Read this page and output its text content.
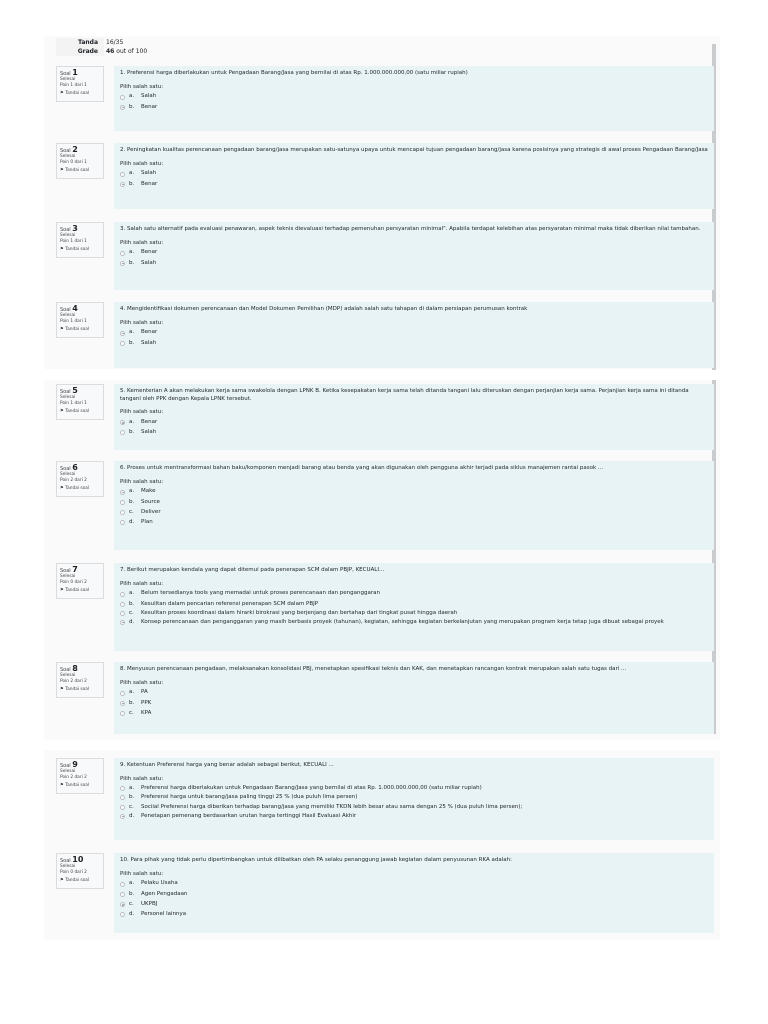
Tanda	16/35
Grade	46 out of 100
Soal 1
Selesai
Poin 1 dari 1
⚑ Tandai soal
1. Preferensi harga diberlakukan untuk Pengadaan Barang/Jasa yang bernilai di atas Rp. 1.000.000.000,00 (satu miliar rupiah)
Pilih salah satu:
a.	Salah
b.	Benar
Soal 2
Selesai
Poin 0 dari 1
⚑ Tandai soal
2. Peningkatan kualitas perencanaan pengadaan barang/jasa merupakan satu-satunya upaya untuk mencapai tujuan pengadaan barang/jasa karena posisinya yang strategis di awal proses Pengadaan Barang/Jasa
Pilih salah satu:
a.	Salah
b.	Benar
Soal 3
Selesai
Poin 1 dari 1
⚑ Tandai soal
3. Salah satu alternatif pada evaluasi penawaran, aspek teknis dievaluasi terhadap pemenuhan persyaratan minimal". Apabila terdapat kelebihan atas persyaratan minimal maka tidak diberikan nilai tambahan.
Pilih salah satu:
a.	Benar
b.	Salah
Soal 4
Selesai
Poin 1 dari 1
⚑ Tandai soal
4. Mengidentifikasi dokumen perencanaan dan Model Dokumen Pemilihan (MDP) adalah salah satu tahapan di dalam persiapan perumusan kontrak
Pilih salah satu:
a.	Benar
b.	Salah
Soal 5
Selesai
Poin 1 dari 1
⚑ Tandai soal
5. Kementerian A akan melakukan kerja sama swakelola dengan LPNK B. Ketika kesepakatan kerja sama telah ditanda tangani lalu diteruskan dengan perjanjian kerja sama. Perjanjian kerja sama ini ditanda tangani oleh PPK dengan Kepala LPNK tersebut.
Pilih salah satu:
a.	Benar
b.	Salah
Soal 6
Selesai
Poin 2 dari 2
⚑ Tandai soal
6. Proses untuk mentransformasi bahan baku/komponen menjadi barang atau benda yang akan digunakan oleh pengguna akhir terjadi pada siklus manajemen rantai pasok ...
Pilih salah satu:
a.	Make
b.	Source
c.	Deliver
d.	Plan
Soal 7
Selesai
Poin 0 dari 2
⚑ Tandai soal
7. Berikut merupakan kendala yang dapat ditemui pada penerapan SCM dalam PBJP, KECUALI...
Pilih salah satu:
a.	Belum tersedianya tools yang memadai untuk proses perencanaan dan penganggaran
b.	Kesulitan dalam pencarian referensi penerapan SCM dalam PBJP
c.	Kesulitan proses koordinasi dalam hirarki birokrasi yang berjenjang dan bertahap dari tingkat pusat hingga daerah
d.	Konsep perencanaan dan penganggaran yang masih berbasis proyek (tahunan), kegiatan, sehingga kegiatan berkelanjutan yang merupakan program kerja tetap juga dibuat sebagai proyek
Soal 8
Selesai
Poin 2 dari 2
⚑ Tandai soal
8. Menyusun perencanaan pengadaan, melaksanakan konsolidasi PBJ, menetapkan spesifikasi teknis dan KAK, dan menetapkan rancangan kontrak merupakan salah satu tugas dari ...
Pilih salah satu:
a.	PA
b.	PPK
c.	KPA
Soal 9
Selesai
Poin 2 dari 2
⚑ Tandai soal
9. Ketentuan Preferensi harga yang benar adalah sebagai berikut, KECUALI ...
Pilih salah satu:
a.	Preferensi harga diberlakukan untuk Pengadaan Barang/Jasa yang bernilai di atas Rp. 1.000.000.000,00 (satu miliar rupiah)
b.	Preferensi harga untuk barang/jasa paling tinggi 25 % (dua puluh lima persen)
c.	Sociial Preferensi harga diberikan terhadap barang/jasa yang memiliki TKDN lebih besar atau sama dengan 25 % (dua puluh lima persen);
d.	Penetapan pemenang berdasarkan urutan harga tertinggi Hasil Evaluasi Akhir
Soal 10
Selesai
Poin 0 dari 2
⚑ Tandai soal
10. Para pihak yang tidak perlu dipertimbangkan untuk dilibatkan oleh PA selaku penanggung jawab kegiatan dalam penyusunan RKA adalah:
Pilih salah satu:
a.	Pelaku Usaha
b.	Agen Pengadaan
c.	UKPBJ
d.	Personel lainnya
